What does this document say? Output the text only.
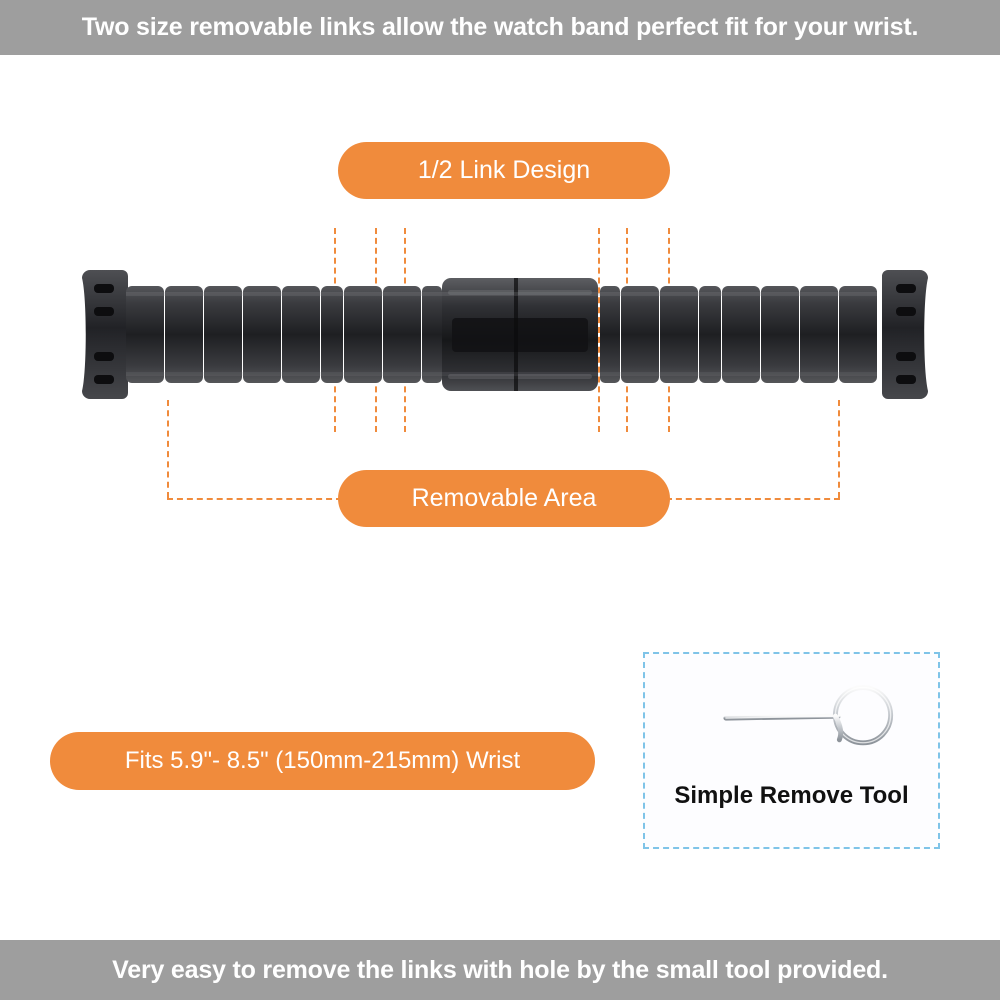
Two size removable links allow the watch band perfect fit for your wrist.
1/2 Link Design
Removable Area
Fits 5.9"- 8.5" (150mm-215mm) Wrist
Simple Remove Tool
Very easy to remove the links with hole by the small tool provided.
